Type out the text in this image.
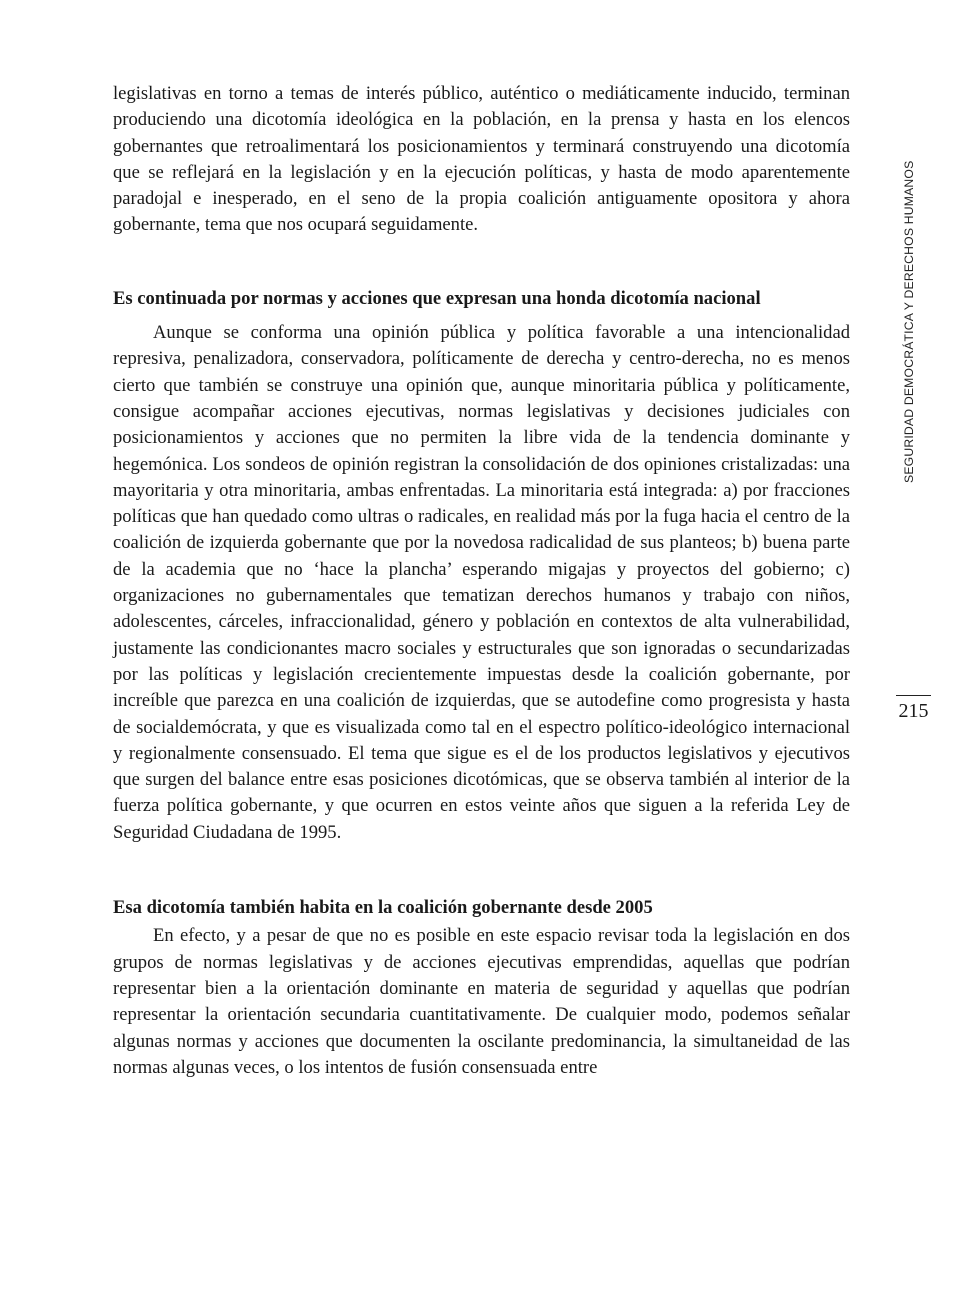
legislativas en torno a temas de interés público, auténtico o mediáticamente inducido, terminan produciendo una dicotomía ideológica en la población, en la prensa y hasta en los elencos gobernantes que retroalimentará los posicionamientos y terminará construyendo una dicotomía que se reflejará en la legislación y en la ejecución políticas, y hasta de modo aparentemente paradojal e inesperado, en el seno de la propia coalición antiguamente opositora y ahora gobernante, tema que nos ocupará seguidamente.

Es continuada por normas y acciones que expresan una honda dicotomía nacional

Aunque se conforma una opinión pública y política favorable a una intencionalidad represiva, penalizadora, conservadora, políticamente de derecha y centro-derecha, no es menos cierto que también se construye una opinión que, aunque minoritaria pública y políticamente, consigue acompañar acciones ejecutivas, normas legislativas y decisiones judiciales con posicionamientos y acciones que no permiten la libre vida de la tendencia dominante y hegemónica. Los sondeos de opinión registran la consolidación de dos opiniones cristalizadas: una mayoritaria y otra minoritaria, ambas enfrentadas. La minoritaria está integrada: a) por fracciones políticas que han quedado como ultras o radicales, en realidad más por la fuga hacia el centro de la coalición de izquierda gobernante que por la novedosa radicalidad de sus planteos; b) buena parte de la academia que no ‘hace la plancha’ esperando migajas y proyectos del gobierno; c) organizaciones no gubernamentales que tematizan derechos humanos y trabajo con niños, adolescentes, cárceles, infraccionalidad, género y población en contextos de alta vulnerabilidad, justamente las condicionantes macro sociales y estructurales que son ignoradas o secundarizadas por las políticas y legislación crecientemente impuestas desde la coalición gobernante, por increíble que parezca en una coalición de izquierdas, que se autodefine como progresista y hasta de socialdemócrata, y que es visualizada como tal en el espectro político-ideológico internacional y regionalmente consensuado. El tema que sigue es el de los productos legislativos y ejecutivos que surgen del balance entre esas posiciones dicotómicas, que se observa también al interior de la fuerza política gobernante, y que ocurren en estos veinte años que siguen a la referida Ley de Seguridad Ciudadana de 1995.

Esa dicotomía también habita en la coalición gobernante desde 2005

En efecto, y a pesar de que no es posible en este espacio revisar toda la legislación en dos grupos de normas legislativas y de acciones ejecutivas emprendidas, aquellas que podrían representar bien a la orientación dominante en materia de seguridad y aquellas que podrían representar la orientación secundaria cuantitativamente. De cualquier modo, podemos señalar algunas normas y acciones que documenten la oscilante predominancia, la simultaneidad de las normas algunas veces, o los intentos de fusión consensuada entre

SEGURIDAD DEMOCRÁTICA Y DERECHOS HUMANOS
215
